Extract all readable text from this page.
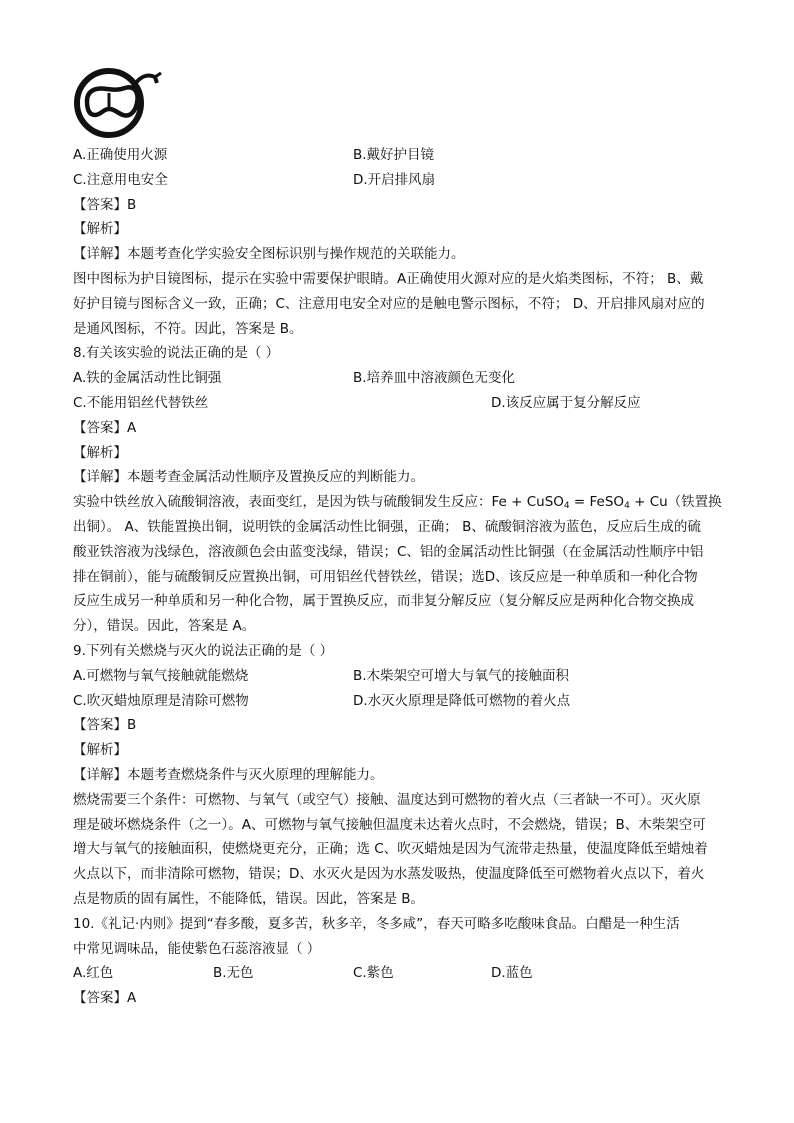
A.正确使用火源	B.戴好护目镜
C.注意用电安全	D.开启排风扇
【答案】B
【解析】
【详解】本题考查化学实验安全图标识别与操作规范的关联能力。
图中图标为护目镜图标，提示在实验中需要保护眼睛。A正确使用火源对应的是火焰类图标，不符； B、戴
好护目镜与图标含义一致，正确；C、注意用电安全对应的是触电警示图标，不符； D、开启排风扇对应的
是通风图标，不符。因此，答案是 B。
8.有关该实验的说法正确的是（ ）
A.铁的金属活动性比铜强	B.培养皿中溶液颜色无变化
C.不能用铝丝代替铁丝	D.该反应属于复分解反应
【答案】A
【解析】
【详解】本题考查金属活动性顺序及置换反应的判断能力。
实验中铁丝放入硫酸铜溶液，表面变红，是因为铁与硫酸铜发生反应：Fe + CuSO$_4$ = FeSO$_4$ + Cu（铁置换
出铜）。 A、铁能置换出铜，说明铁的金属活动性比铜强，正确； B、硫酸铜溶液为蓝色，反应后生成的硫
酸亚铁溶液为浅绿色，溶液颜色会由蓝变浅绿，错误；C、铝的金属活动性比铜强（在金属活动性顺序中铝
排在铜前），能与硫酸铜反应置换出铜，可用铝丝代替铁丝，错误；选D、该反应是一种单质和一种化合物
反应生成另一种单质和另一种化合物，属于置换反应，而非复分解反应（复分解反应是两种化合物交换成
分），错误。因此，答案是 A。
9.下列有关燃烧与灭火的说法正确的是（ ）
A.可燃物与氧气接触就能燃烧	B.木柴架空可增大与氧气的接触面积
C.吹灭蜡烛原理是清除可燃物	D.水灭火原理是降低可燃物的着火点
【答案】B
【解析】
【详解】本题考查燃烧条件与灭火原理的理解能力。
燃烧需要三个条件：可燃物、与氧气（或空气）接触、温度达到可燃物的着火点（三者缺一不可）。灭火原
理是破坏燃烧条件（之一）。A、可燃物与氧气接触但温度未达着火点时，不会燃烧，错误；B、木柴架空可
增大与氧气的接触面积，使燃烧更充分，正确；选 C、吹灭蜡烛是因为气流带走热量，使温度降低至蜡烛着
火点以下，而非清除可燃物，错误；D、水灭火是因为水蒸发吸热，使温度降低至可燃物着火点以下，着火
点是物质的固有属性，不能降低，错误。因此，答案是 B。
10.《礼记·内则》提到“春多酸，夏多苦，秋多辛，冬多咸”，春天可略多吃酸味食品。白醋是一种生活
中常见调味品，能使紫色石蕊溶液显（ ）
A.红色	B.无色	C.紫色	D.蓝色
【答案】A
